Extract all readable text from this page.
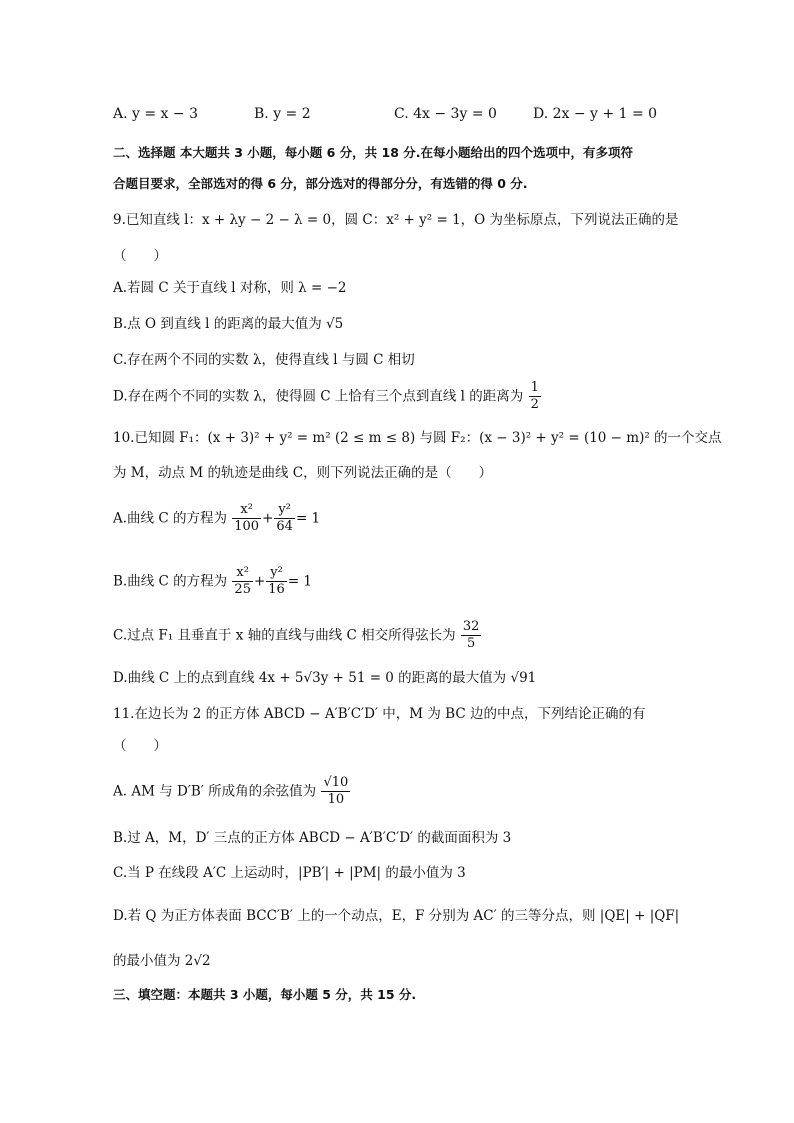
A. y = x − 3	B. y = 2	C. 4x − 3y = 0	D. 2x − y + 1 = 0
二、选择题 本大题共 3 小题，每小题 6 分，共 18 分.在每小题给出的四个选项中，有多项符
合题目要求，全部选对的得 6 分，部分选对的得部分分，有选错的得 0 分.
9.已知直线 l：x + λy − 2 − λ = 0，圆 C：x² + y² = 1，O 为坐标原点，下列说法正确的是
（　　）
A.若圆 C 关于直线 l 对称，则 λ = −2
B.点 O 到直线 l 的距离的最大值为 √5
C.存在两个不同的实数 λ，使得直线 l 与圆 C 相切
D.存在两个不同的实数 λ，使得圆 C 上恰有三个点到直线 l 的距离为 $\frac{1}{2}$
10.已知圆 F₁：(x + 3)² + y² = m² (2 ≤ m ≤ 8) 与圆 F₂：(x − 3)² + y² = (10 − m)² 的一个交点
为 M，动点 M 的轨迹是曲线 C，则下列说法正确的是（　　）
A.曲线 C 的方程为 $\frac{\text{x²}}{100} + \frac{\text{y²}}{64} = 1$
B.曲线 C 的方程为 $\frac{\text{x²}}{25} + \frac{\text{y²}}{16} = 1$
C.过点 F₁ 且垂直于 x 轴的直线与曲线 C 相交所得弦长为 $\frac{32}{5}$
D.曲线 C 上的点到直线 4x + 5√3y + 51 = 0 的距离的最大值为 √91
11.在边长为 2 的正方体 ABCD − A′B′C′D′ 中，M 为 BC 边的中点，下列结论正确的有
（　　）
A. AM 与 D′B′ 所成角的余弦值为 $\frac{√10}{10}$
B.过 A，M，D′ 三点的正方体 ABCD − A′B′C′D′ 的截面面积为 3
C.当 P 在线段 A′C 上运动时，|PB′| + |PM| 的最小值为 3
D.若 Q 为正方体表面 BCC′B′ 上的一个动点，E，F 分别为 AC′ 的三等分点，则 |QE| + |QF|
的最小值为 2√2
三、填空题：本题共 3 小题，每小题 5 分，共 15 分.
